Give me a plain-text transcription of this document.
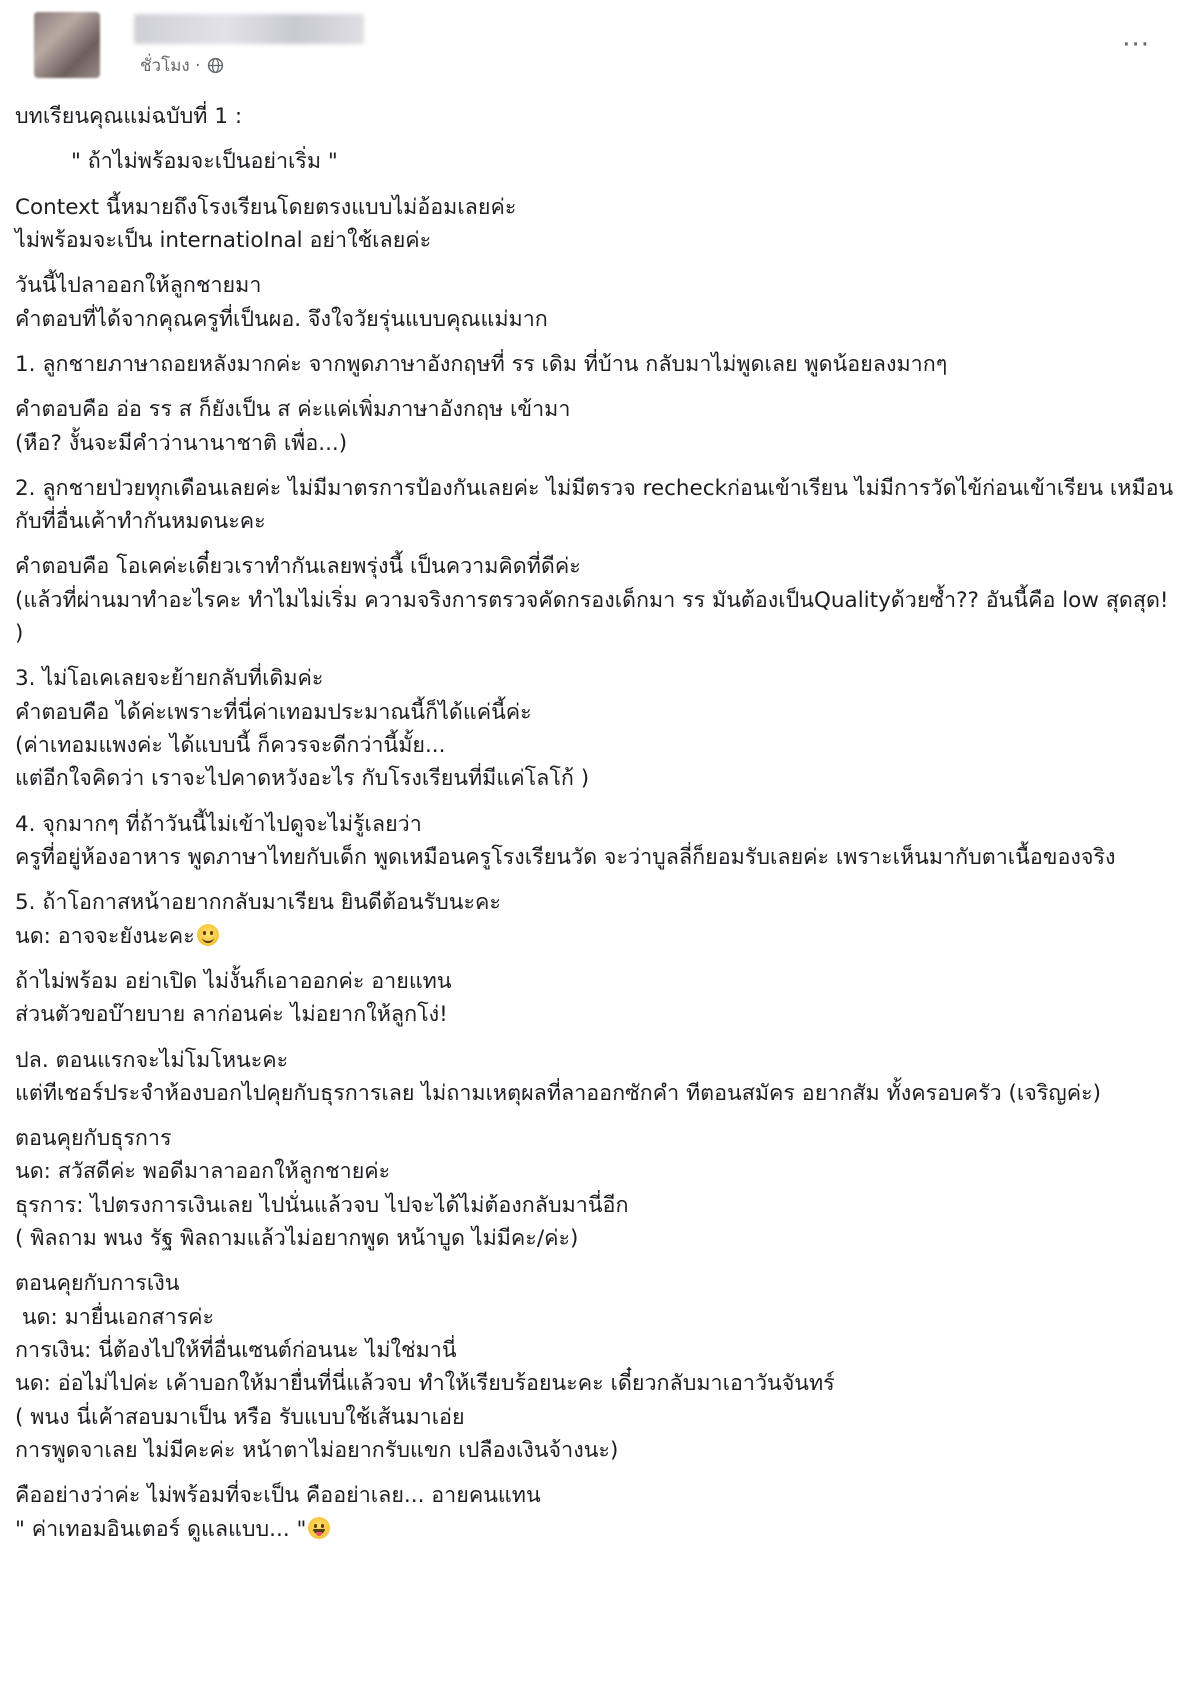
ชั่วโมง ·
···
บทเรียนคุณแม่ฉบับที่ 1 :
" ถ้าไม่พร้อมจะเป็นอย่าเริ่ม "
Context นี้หมายถึงโรงเรียนโดยตรงแบบไม่อ้อมเลยค่ะ
ไม่พร้อมจะเป็น internatioInal อย่าใช้เลยค่ะ
วันนี้ไปลาออกให้ลูกชายมา
คำตอบที่ได้จากคุณครูที่เป็นผอ. จึงใจวัยรุ่นแบบคุณแม่มาก
1. ลูกชายภาษาถอยหลังมากค่ะ จากพูดภาษาอังกฤษที่ รร เดิม ที่บ้าน กลับมาไม่พูดเลย พูดน้อยลงมากๆ
คำตอบคือ อ่อ รร ส ก็ยังเป็น ส ค่ะแค่เพิ่มภาษาอังกฤษ เข้ามา
(หือ? งั้นจะมีคำว่านานาชาติ เพื่อ...)
2. ลูกชายป่วยทุกเดือนเลยค่ะ ไม่มีมาตรการป้องกันเลยค่ะ ไม่มีตรวจ recheckก่อนเข้าเรียน ไม่มีการวัดไข้ก่อนเข้าเรียน เหมือนกับที่อื่นเค้าทำกันหมดนะคะ
คำตอบคือ โอเคค่ะเดี๋ยวเราทำกันเลยพรุ่งนี้ เป็นความคิดที่ดีค่ะ
(แล้วที่ผ่านมาทำอะไรคะ ทำไมไม่เริ่ม ความจริงการตรวจคัดกรองเด็กมา รร มันต้องเป็นQualityด้วยซ้ำ?? อันนี้คือ low สุดสุด! )
3. ไม่โอเคเลยจะย้ายกลับที่เดิมค่ะ
คำตอบคือ ได้ค่ะเพราะที่นี่ค่าเทอมประมาณนี้ก็ได้แค่นี้ค่ะ
(ค่าเทอมแพงค่ะ ได้แบบนี้ ก็ควรจะดีกว่านี้มั้ย...
แต่อีกใจคิดว่า เราจะไปคาดหวังอะไร กับโรงเรียนที่มีแค่โลโก้ )
4. จุกมากๆ ที่ถ้าวันนี้ไม่เข้าไปดูจะไม่รู้เลยว่า
ครูที่อยู่ห้องอาหาร พูดภาษาไทยกับเด็ก พูดเหมือนครูโรงเรียนวัด จะว่าบูลลี่ก็ยอมรับเลยค่ะ เพราะเห็นมากับตาเนื้อของจริง
5. ถ้าโอกาสหน้าอยากกลับมาเรียน ยินดีต้อนรับนะคะ
นด: อาจจะยังนะคะ
ถ้าไม่พร้อม อย่าเปิด ไม่งั้นก็เอาออกค่ะ อายแทน
ส่วนตัวขอบ๊ายบาย ลาก่อนค่ะ ไม่อยากให้ลูกโง่!
ปล. ตอนแรกจะไม่โมโหนะคะ
แต่ทีเชอร์ประจำห้องบอกไปคุยกับธุรการเลย ไม่ถามเหตุผลที่ลาออกซักคำ ทีตอนสมัคร อยากสัม ทั้งครอบครัว (เจริญค่ะ)
ตอนคุยกับธุรการ
นด: สวัสดีค่ะ พอดีมาลาออกให้ลูกชายค่ะ
ธุรการ: ไปตรงการเงินเลย ไปนั่นแล้วจบ ไปจะได้ไม่ต้องกลับมานี่อีก
( พิลถาม พนง รัฐ พิลถามแล้วไม่อยากพูด หน้าบูด ไม่มีคะ/ค่ะ)
ตอนคุยกับการเงิน
นด: มายื่นเอกสารค่ะ
การเงิน: นี่ต้องไปให้ที่อื่นเซนต์ก่อนนะ ไม่ใช่มานี่
นด: อ่อไม่ไปค่ะ เค้าบอกให้มายื่นที่นี่แล้วจบ ทำให้เรียบร้อยนะคะ เดี๋ยวกลับมาเอาวันจันทร์
( พนง นี่เค้าสอบมาเป็น หรือ รับแบบใช้เส้นมาเอ่ย
การพูดจาเลย ไม่มีคะค่ะ หน้าตาไม่อยากรับแขก เปลืองเงินจ้างนะ)
คืออย่างว่าค่ะ ไม่พร้อมที่จะเป็น คืออย่าเลย... อายคนแทน
" ค่าเทอมอินเตอร์ ดูแลแบบ... "
